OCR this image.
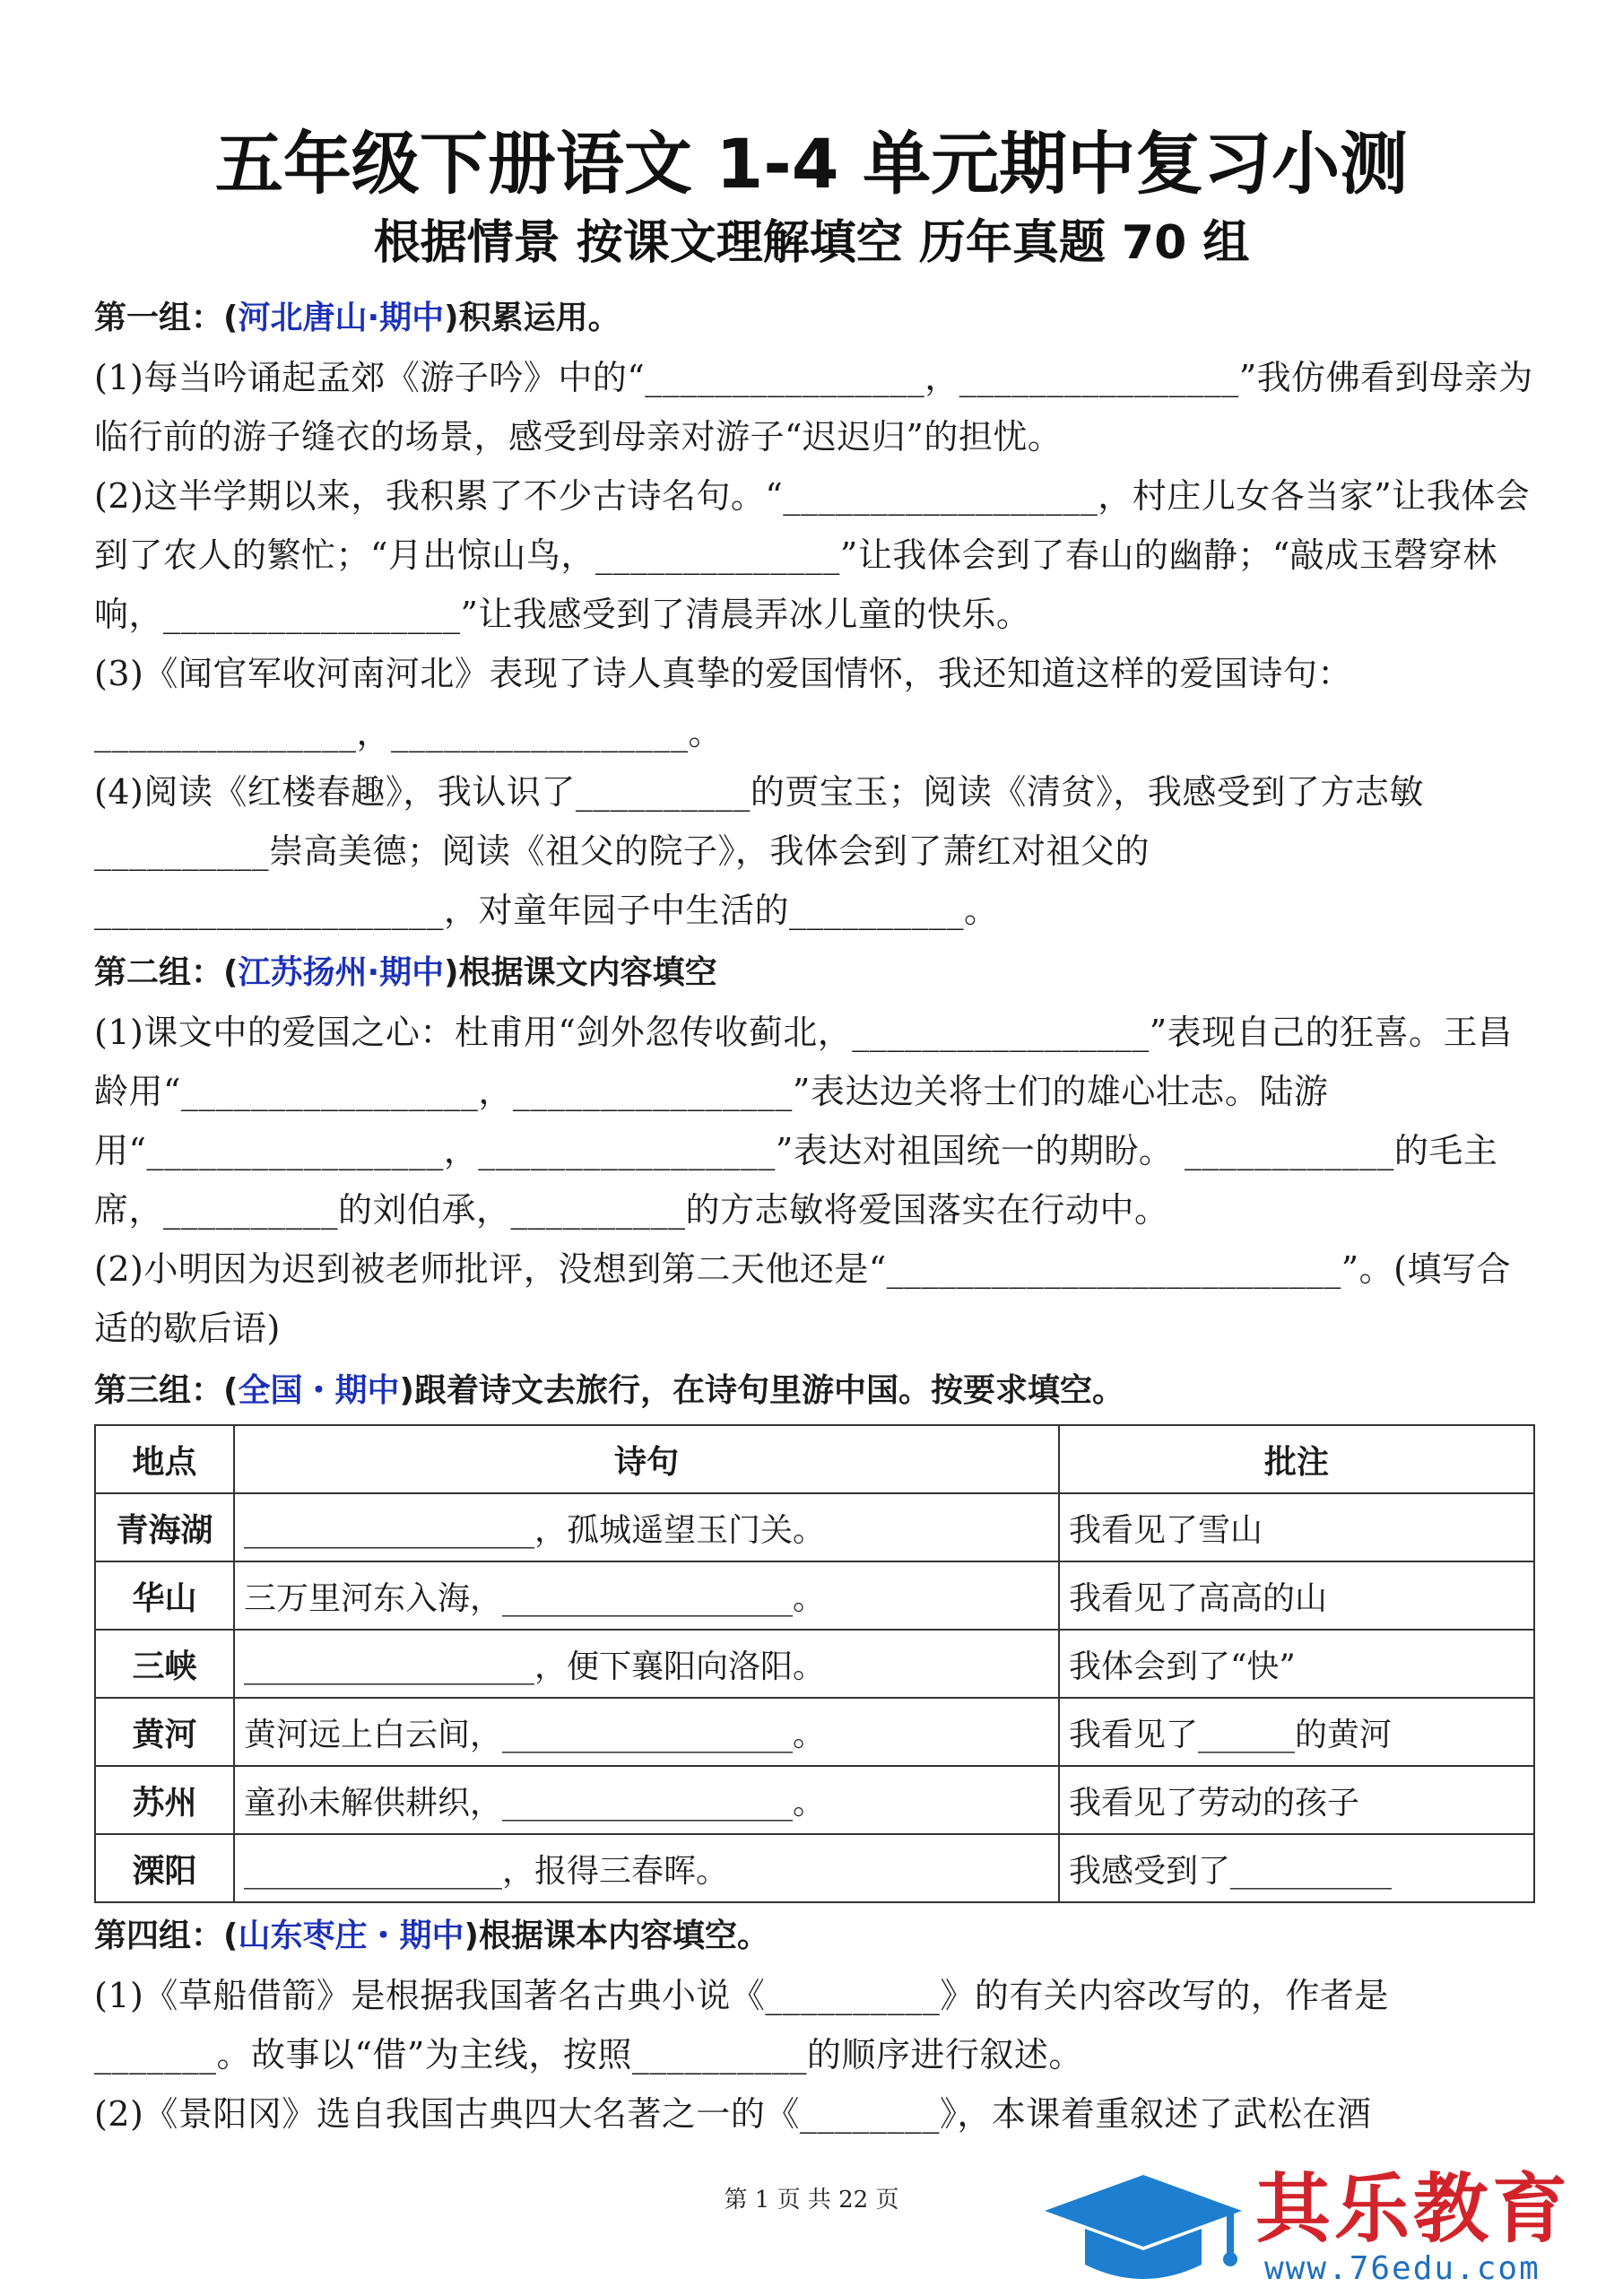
五年级下册语文 1-4 单元期中复习小测
根据情景 按课文理解填空 历年真题 70 组
第一组：(河北唐山·期中)积累运用。

(1)每当吟诵起孟郊《游子吟》中的“________________，________________”我仿佛看到母亲为临行前的游子缝衣的场景，感受到母亲对游子“迟迟归”的担忧。

(2)这半学期以来，我积累了不少古诗名句。“__________________，村庄儿女各当家”让我体会到了农人的繁忙；“月出惊山鸟，______________”让我体会到了春山的幽静；“敲成玉磬穿林响，_________________”让我感受到了清晨弄冰儿童的快乐。

(3)《闻官军收河南河北》表现了诗人真挚的爱国情怀，我还知道这样的爱国诗句：_______________，_________________。

(4)阅读《红楼春趣》，我认识了__________的贾宝玉；阅读《清贫》，我感受到了方志敏__________崇高美德；阅读《祖父的院子》，我体会到了萧红对祖父的____________________，对童年园子中生活的__________。

第二组：(江苏扬州·期中)根据课文内容填空

(1)课文中的爱国之心：杜甫用“剑外忽传收蓟北，_________________”表现自己的狂喜。王昌龄用“_________________，________________”表达边关将士们的雄心壮志。陆游用“_________________，_________________”表达对祖国统一的期盼。 ____________的毛主席，__________的刘伯承，__________的方志敏将爱国落实在行动中。

(2)小明因为迟到被老师批评，没想到第二天他还是“__________________________”。(填写合适的歇后语)

第三组：(全国・期中)跟着诗文去旅行，在诗句里游中国。按要求填空。
地点	诗句	批注
青海湖	__________________，孤城遥望玉门关。	我看见了雪山
华山	三万里河东入海，__________________。	我看见了高高的山
三峡	__________________，便下襄阳向洛阳。	我体会到了“快”
黄河	黄河远上白云间，__________________。	我看见了______的黄河
苏州	童孙未解供耕织，__________________。	我看见了劳动的孩子
溧阳	________________，报得三春晖。	我感受到了__________
第四组：(山东枣庄・期中)根据课本内容填空。

(1)《草船借箭》是根据我国著名古典小说《__________》的有关内容改写的，作者是_______。故事以“借”为主线，按照__________的顺序进行叙述。

(2)《景阳冈》选自我国古典四大名著之一的《________》，本课着重叙述了武松在酒

第 1 页 共 22 页	其乐教育
www.76edu.com
